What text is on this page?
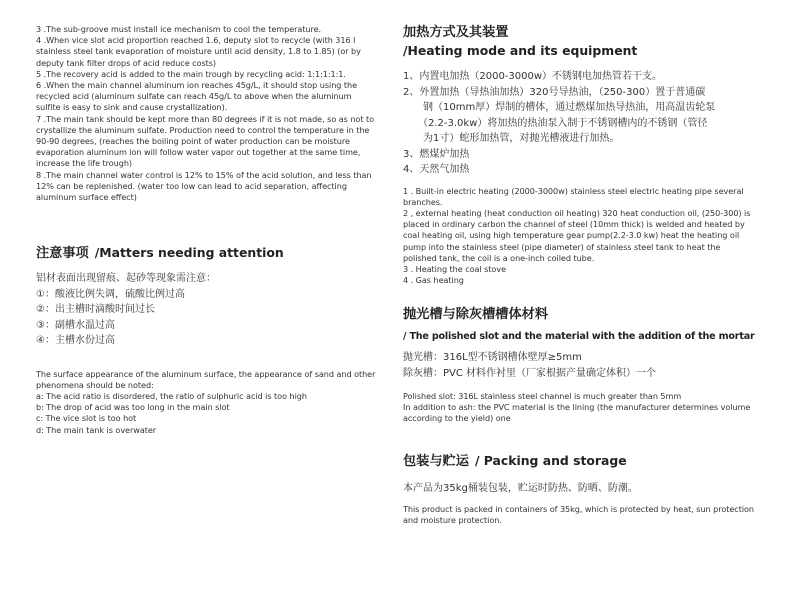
3 .The sub-groove must install ice mechanism to cool the temperature.

4 .When vice slot acid proportion reached 1.6, deputy slot to recycle (with 316 l stainless steel tank evaporation of moisture until acid density, 1.8 to 1.85) (or by deputy tank filter drops of acid reduce costs)

5 .The recovery acid is added to the main trough by recycling acid: 1:1:1:1:1.

6 .When the main channel aluminum ion reaches 45g/L, it should stop using the recycled acid (aluminum sulfate can reach 45g/L to above when the aluminum sulfite is easy to sink and cause crystallization).

7 .The main tank should be kept more than 80 degrees if it is not made, so as not to crystallize the aluminum sulfate. Production need to control the temperature in the 90-90 degrees, (reaches the boiling point of water production can be moisture evaporation aluminum ion will follow water vapor out together at the same time, increase the life trough)

8 .The main channel water control is 12% to 15% of the acid solution, and less than 12% can be replenished. (water too low can lead to acid separation, affecting aluminum surface effect)

注意事项 /Matters needing attention

铝材表面出现留痕、起砂等现象需注意：

①：酸液比例失调，硫酸比例过高

②：出主槽时滴酸时间过长

③：副槽水温过高

④：主槽水份过高

The surface appearance of the aluminum surface, the appearance of sand and other phenomena should be noted:

a: The acid ratio is disordered, the ratio of sulphuric acid is too high

b: The drop of acid was too long in the main slot

c: The vice slot is too hot

d: The main tank is overwater

加热方式及其装置

/Heating mode and its equipment

1、内置电加热（2000-3000w）不锈钢电加热管若干支。

2、外置加热（导热油加热）320号导热油，（250-300）置于普通碳

　　钢（10mm厚）焊制的槽体，通过燃煤加热导热油，用高温齿轮泵

　　（2.2-3.0kw）将加热的热油泵入制于不锈钢槽内的不锈钢（管径

　　为1寸）蛇形加热管，对抛光槽液进行加热。

3、燃煤炉加热

4、天然气加热

1 . Built-in electric heating (2000-3000w) stainless steel electric heating pipe several branches.

2 , external heating (heat conduction oil heating) 320 heat conduction oil, (250-300) is placed in ordinary carbon the channel of steel (10mm thick) is welded and heated by coal heating oil, using high temperature gear pump(2.2-3.0 kw) heat the heating oil pump into the stainless steel (pipe diameter) of stainless steel tank to heat the polished tank, the coil is a one-inch coiled tube.

3 . Heating the coal stove

4 . Gas heating

抛光槽与除灰槽槽体材料

/ The polished slot and the material with the addition of the mortar

抛光槽：316L型不锈钢槽体壁厚≥5mm

除灰槽：PVC 材料作衬里（厂家根据产量确定体积）一个

Polished slot: 316L stainless steel channel is much greater than 5mm

In addition to ash: the PVC material is the lining (the manufacturer determines volume according to the yield) one

包装与贮运 / Packing and storage

本产品为35kg桶装包装，贮运时防热、防晒、防潮。

This product is packed in containers of 35kg, which is protected by heat, sun protection and moisture protection.
